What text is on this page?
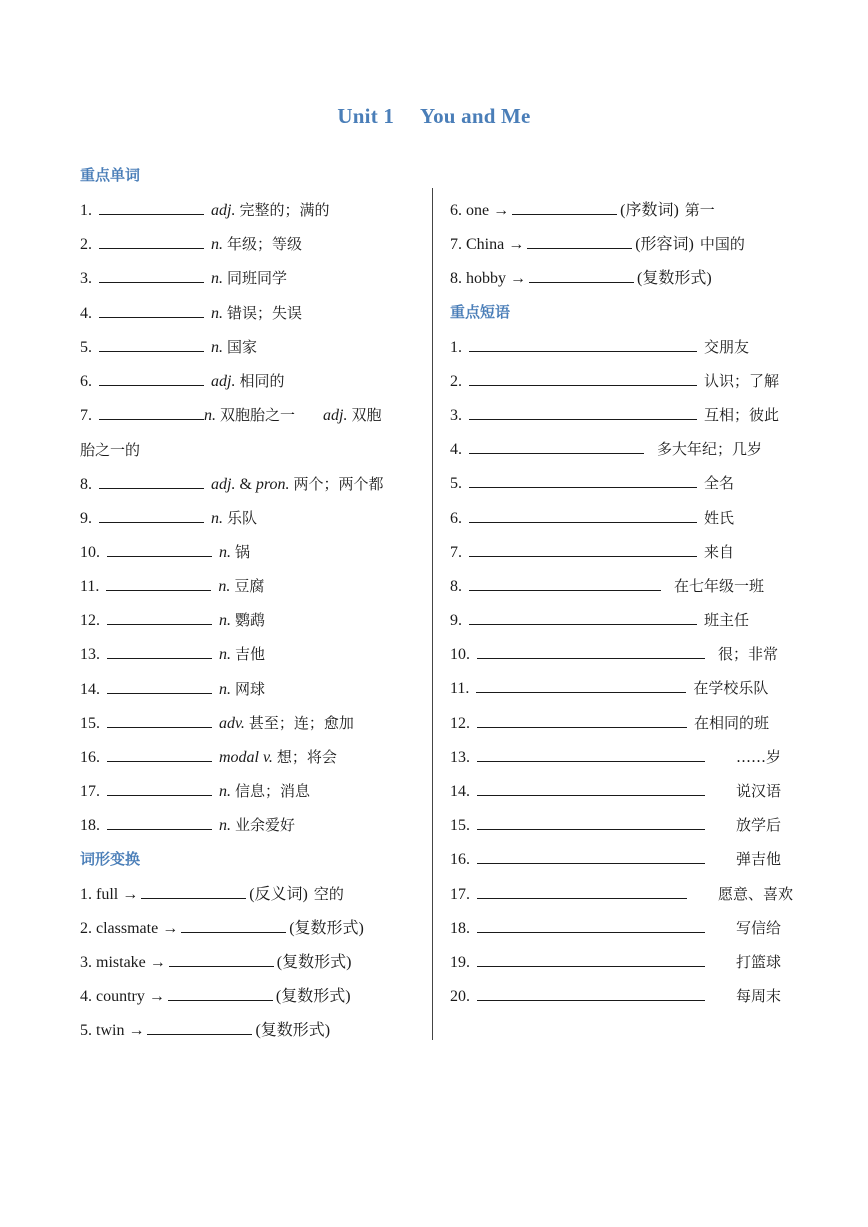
Unit 1 You and Me
重点单词
1.	adj. 完整的；满的
2.	n. 年级；等级
3.	n. 同班同学
4.	n. 错误；失误
5.	n. 国家
6.	adj. 相同的
7.	n. 双胞胎之一 adj. 双胞
胎之一的
8.	adj. & pron. 两个；两个都
9.	n. 乐队
10.	n. 锅
11.	n. 豆腐
12.	n. 鹦鹉
13.	n. 吉他
14.	n. 网球
15.	adv. 甚至；连；愈加
16.	modal v. 想；将会
17.	n. 信息；消息
18.	n. 业余爱好
词形变换
1. full →	(反义词) 空的
2. classmate →	(复数形式)
3. mistake →	(复数形式)
4. country →	(复数形式)
5. twin →	(复数形式)
6. one →	(序数词) 第一
7. China →	(形容词) 中国的
8. hobby →	(复数形式)
重点短语
1.	交朋友
2.	认识；了解
3.	互相；彼此
4.	多大年纪；几岁
5.	全名
6.	姓氏
7.	来自
8.	在七年级一班
9.	班主任
10.	很；非常
11.	在学校乐队
12.	在相同的班
13.	……岁
14.	说汉语
15.	放学后
16.	弹吉他
17.	愿意、喜欢
18.	写信给
19.	打篮球
20.	每周末
